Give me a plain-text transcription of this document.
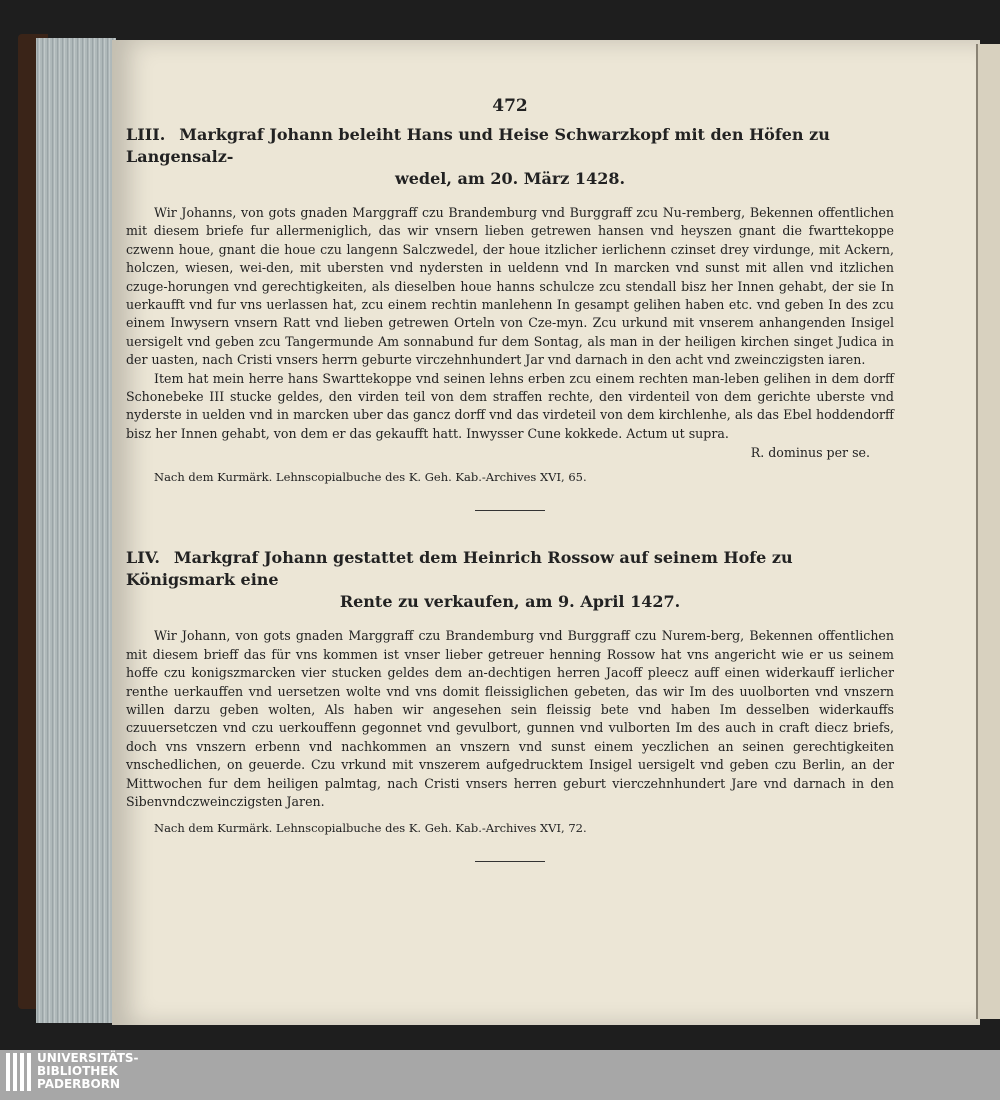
472
LIII. Markgraf Johann beleiht Hans und Heise Schwarzkopf mit den Höfen zu Langensalz-
wedel, am 20. März 1428.

Wir Johanns, von gots gnaden Marggraff czu Brandemburg vnd Burggraff zcu Nu-remberg, Bekennen offentlichen mit diesem briefe fur allermeniglich, das wir vnsern lieben getrewen hansen vnd heyszen gnant die fwarttekoppe czwenn houe, gnant die houe czu langenn Salczwedel, der houe itzlicher ierlichenn czinset drey virdunge, mit Ackern, holczen, wiesen, wei-den, mit ubersten vnd nydersten in ueldenn vnd In marcken vnd sunst mit allen vnd itzlichen czuge-horungen vnd gerechtigkeiten, als dieselben houe hanns schulcze zcu stendall bisz her Innen gehabt, der sie In uerkaufft vnd fur vns uerlassen hat, zcu einem rechtin manlehenn In gesampt gelihen haben etc. vnd geben In des zcu einem Inwysern vnsern Ratt vnd lieben getrewen Orteln von Cze-myn. Zcu urkund mit vnserem anhangenden Insigel uersigelt vnd geben zcu Tangermunde Am sonnabund fur dem Sontag, als man in der heiligen kirchen singet Judica in der uasten, nach Cristi vnsers herrn geburte virczehnhundert Jar vnd darnach in den acht vnd zweinczigsten iaren.

Item hat mein herre hans Swarttekoppe vnd seinen lehns erben zcu einem rechten man-leben gelihen in dem dorff Schonebeke III stucke geldes, den virden teil von dem straffen rechte, den virdenteil von dem gerichte uberste vnd nyderste in uelden vnd in marcken uber das gancz dorff vnd das virdeteil von dem kirchlenhe, als das Ebel hoddendorff bisz her Innen gehabt, von dem er das gekaufft hatt. Inwysser Cune kokkede. Actum ut supra.

R. dominus per se.
Nach dem Kurmärk. Lehnscopialbuche des K. Geh. Kab.-Archives XVI, 65.
LIV. Markgraf Johann gestattet dem Heinrich Rossow auf seinem Hofe zu Königsmark eine
Rente zu verkaufen, am 9. April 1427.

Wir Johann, von gots gnaden Marggraff czu Brandemburg vnd Burggraff czu Nurem-berg, Bekennen offentlichen mit diesem brieff das für vns kommen ist vnser lieber getreuer henning Rossow hat vns angericht wie er us seinem hoffe czu konigszmarcken vier stucken geldes dem an-dechtigen herren Jacoff pleecz auff einen widerkauff ierlicher renthe uerkauffen vnd uersetzen wolte vnd vns domit fleissiglichen gebeten, das wir Im des uuolborten vnd vnszern willen darzu geben wolten, Als haben wir angesehen sein fleissig bete vnd haben Im desselben widerkauffs czuuersetczen vnd czu uerkouffenn gegonnet vnd gevulbort, gunnen vnd vulborten Im des auch in craft diecz briefs, doch vns vnszern erbenn vnd nachkommen an vnszern vnd sunst einem yeczlichen an seinen gerechtigkeiten vnschedlichen, on geuerde. Czu vrkund mit vnszerem aufgedrucktem Insigel uersigelt vnd geben czu Berlin, an der Mittwochen fur dem heiligen palmtag, nach Cristi vnsers herren geburt vierczehnhundert Jare vnd darnach in den Sibenvndczweinczigsten Jaren.

Nach dem Kurmärk. Lehnscopialbuche des K. Geh. Kab.-Archives XVI, 72.
UNIVERSITÄTS-
BIBLIOTHEK
PADERBORN
